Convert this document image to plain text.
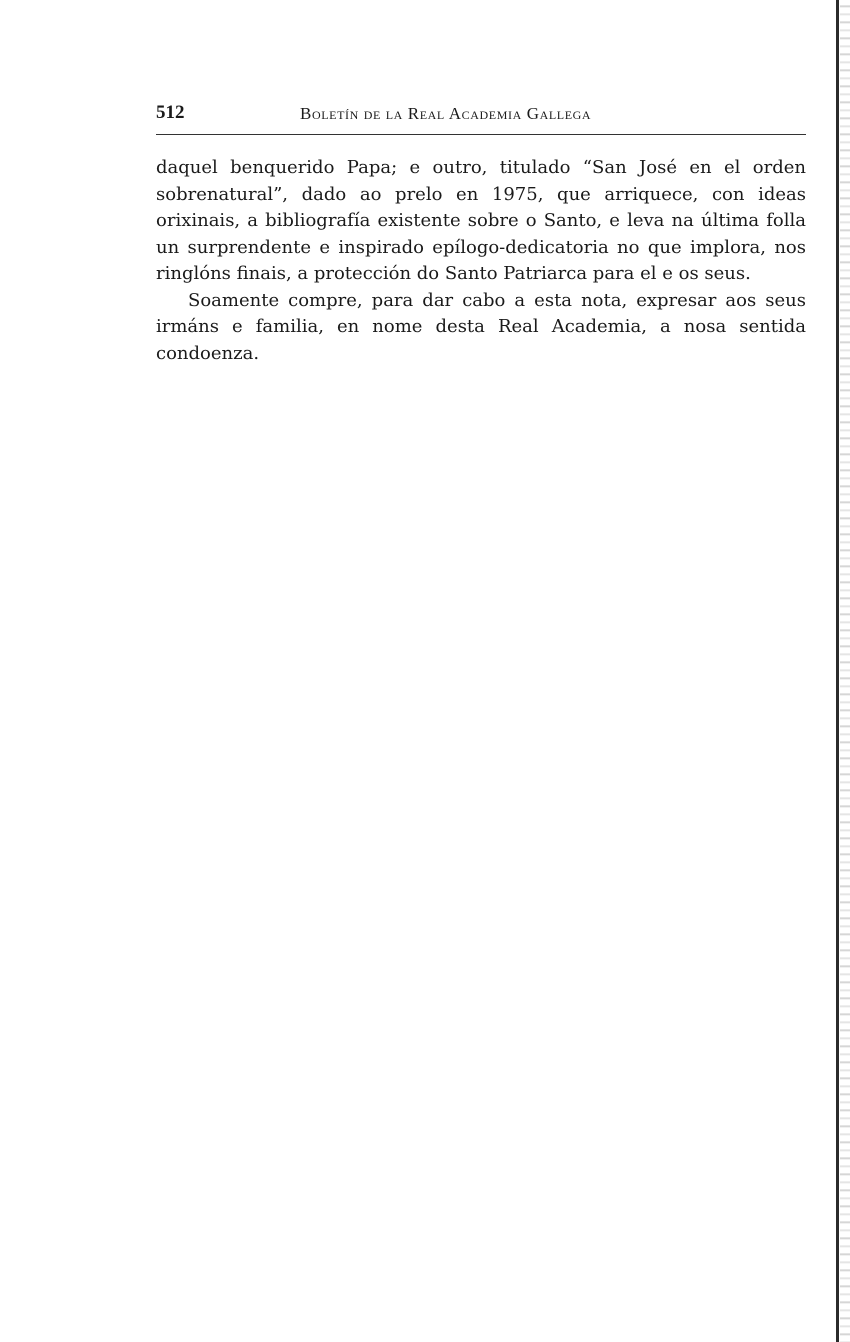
512	Boletín de la Real Academia Gallega

daquel benquerido Papa; e outro, titulado “San José en el orden sobrenatural”, dado ao prelo en 1975, que arriquece, con ideas orixinais, a bibliografía existente sobre o Santo, e leva na última folla un surprendente e inspirado epílogo-dedicatoria no que implora, nos ringlóns finais, a protección do Santo Patriarca para el e os seus.

Soamente compre, para dar cabo a esta nota, expresar aos seus irmáns e familia, en nome desta Real Academia, a nosa sentida condoenza.
